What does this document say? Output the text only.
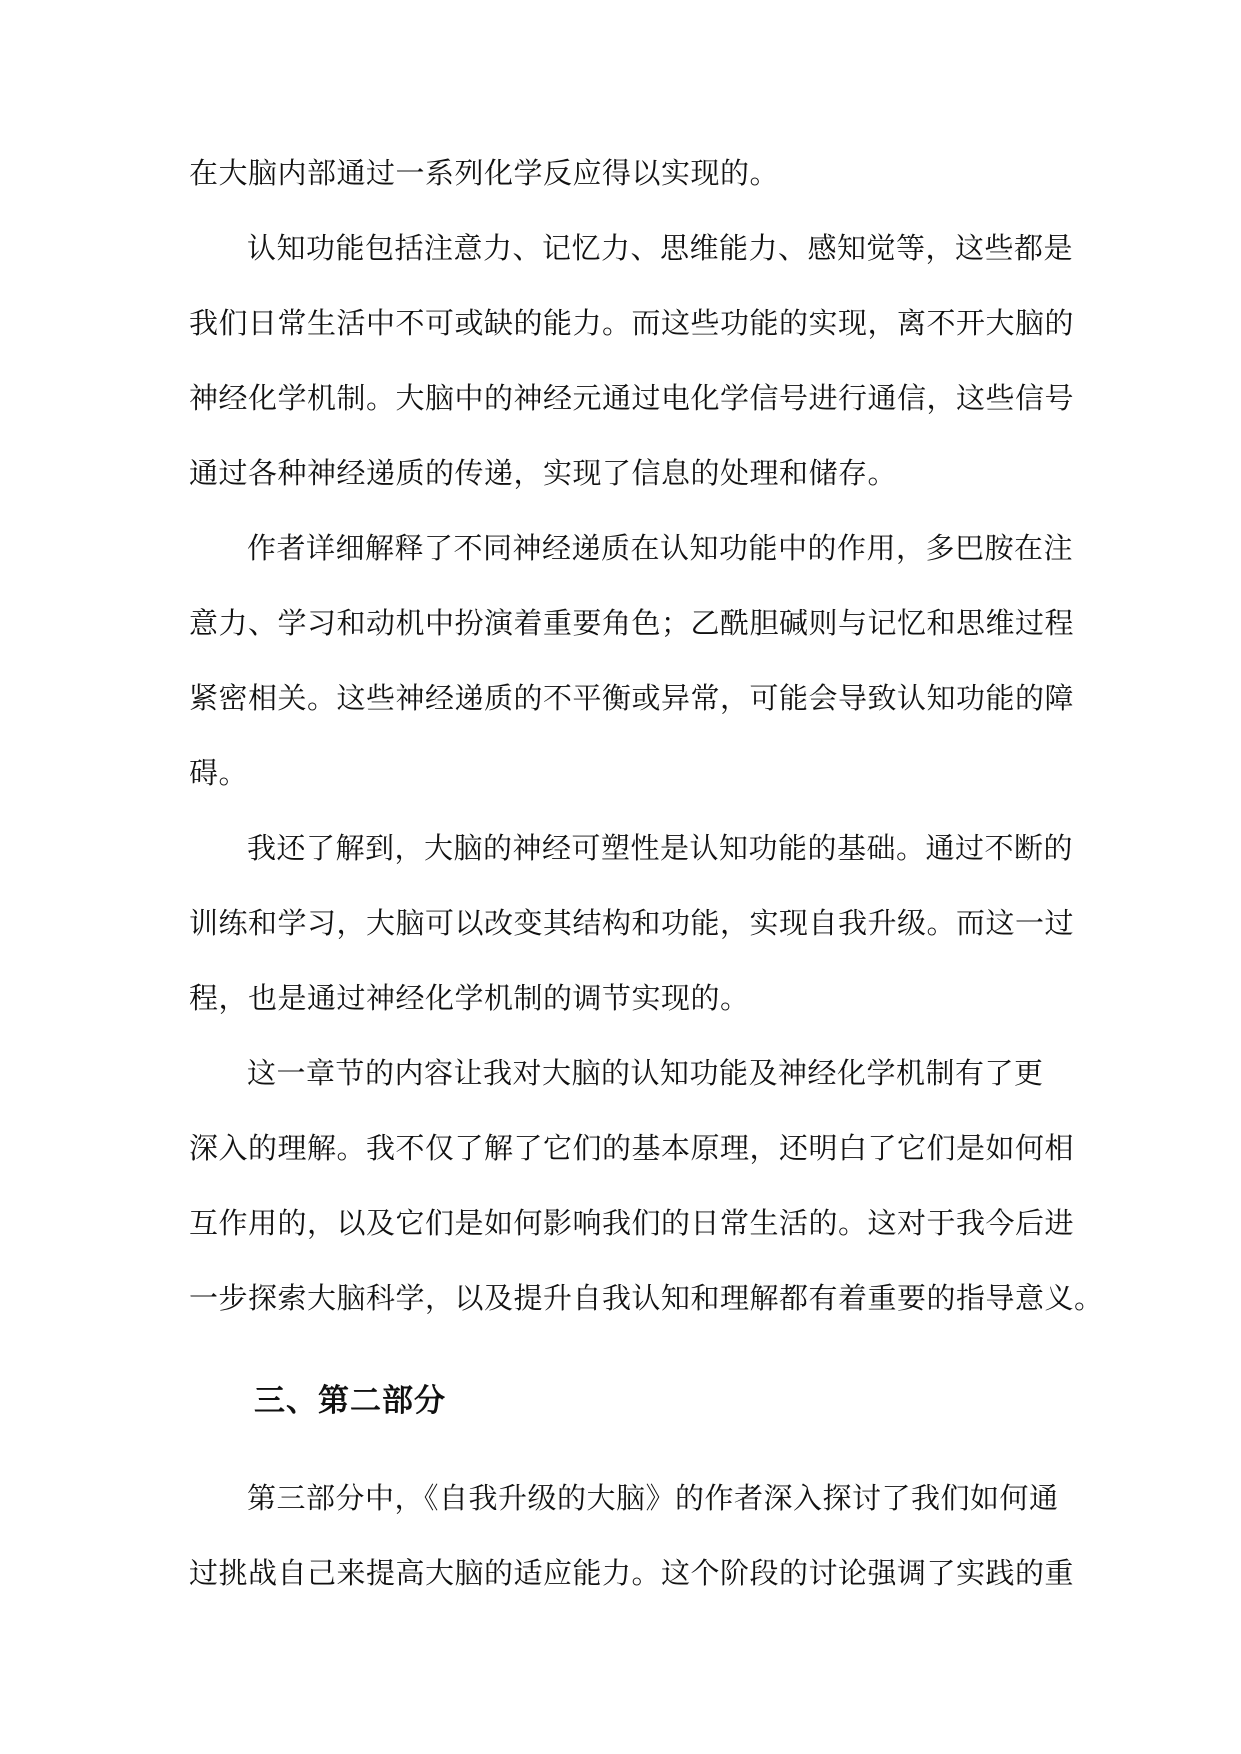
在大脑内部通过一系列化学反应得以实现的。
认知功能包括注意力、记忆力、思维能力、感知觉等，这些都是
我们日常生活中不可或缺的能力。而这些功能的实现，离不开大脑的
神经化学机制。大脑中的神经元通过电化学信号进行通信，这些信号
通过各种神经递质的传递，实现了信息的处理和储存。
作者详细解释了不同神经递质在认知功能中的作用，多巴胺在注
意力、学习和动机中扮演着重要角色；乙酰胆碱则与记忆和思维过程
紧密相关。这些神经递质的不平衡或异常，可能会导致认知功能的障
碍。
我还了解到，大脑的神经可塑性是认知功能的基础。通过不断的
训练和学习，大脑可以改变其结构和功能，实现自我升级。而这一过
程，也是通过神经化学机制的调节实现的。
这一章节的内容让我对大脑的认知功能及神经化学机制有了更
深入的理解。我不仅了解了它们的基本原理，还明白了它们是如何相
互作用的，以及它们是如何影响我们的日常生活的。这对于我今后进
一步探索大脑科学，以及提升自我认知和理解都有着重要的指导意义。
三、第二部分
第三部分中，《自我升级的大脑》的作者深入探讨了我们如何通
过挑战自己来提高大脑的适应能力。这个阶段的讨论强调了实践的重
